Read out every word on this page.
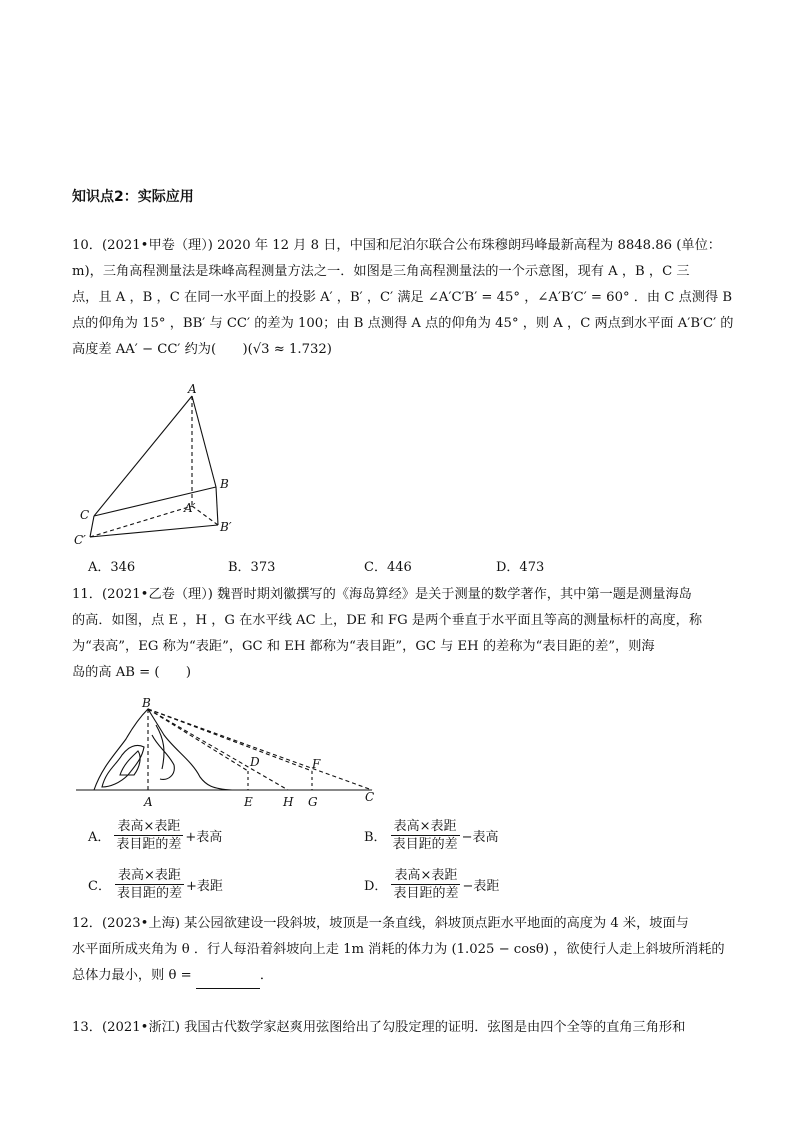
知识点2：实际应用

10．(2021•甲卷（理）) 2020 年 12 月 8 日，中国和尼泊尔联合公布珠穆朗玛峰最新高程为 8848.86 (单位：

m)，三角高程测量法是珠峰高程测量方法之一．如图是三角高程测量法的一个示意图，现有 A ，B ，C 三

点，且 A ，B ，C 在同一水平面上的投影 A′ ，B′ ，C′ 满足 ∠A′C′B′ = 45° ，∠A′B′C′ = 60° ．由 C 点测得 B

点的仰角为 15° ，BB′ 与 CC′ 的差为 100；由 B 点测得 A 点的仰角为 45° ，则 A ，C 两点到水平面 A′B′C′ 的

高度差 AA′ − CC′ 约为(　　)(√3 ≈ 1.732)

A
B
C	A′
B′
C′
A．346	B．373	C．446	D．473

11．(2021•乙卷（理）) 魏晋时期刘徽撰写的《海岛算经》是关于测量的数学著作，其中第一题是测量海岛

的高．如图，点 E ，H ，G 在水平线 AC 上，DE 和 FG 是两个垂直于水平面且等高的测量标杆的高度，称

为“表高”，EG 称为“表距”，GC 和 EH 都称为“表目距”，GC 与 EH 的差称为“表目距的差”，则海

岛的高 AB = (　　)

B
D	F
A	E	H G	C
A． $\frac{\text{表高×表距}}{\text{表目距的差}}$ +表高	B． $\frac{\text{表高×表距}}{\text{表目距的差}}$ −表高
C． $\frac{\text{表高×表距}}{\text{表目距的差}}$ +表距	D． $\frac{\text{表高×表距}}{\text{表目距的差}}$ −表距

12．(2023•上海) 某公园欲建设一段斜坡，坡顶是一条直线，斜坡顶点距水平地面的高度为 4 米，坡面与

水平面所成夹角为 θ ．行人每沿着斜坡向上走 1m 消耗的体力为 (1.025 − cosθ) ，欲使行人走上斜坡所消耗的

总体力最小，则 θ =	．

13．(2021•浙江) 我国古代数学家赵爽用弦图给出了勾股定理的证明．弦图是由四个全等的直角三角形和
